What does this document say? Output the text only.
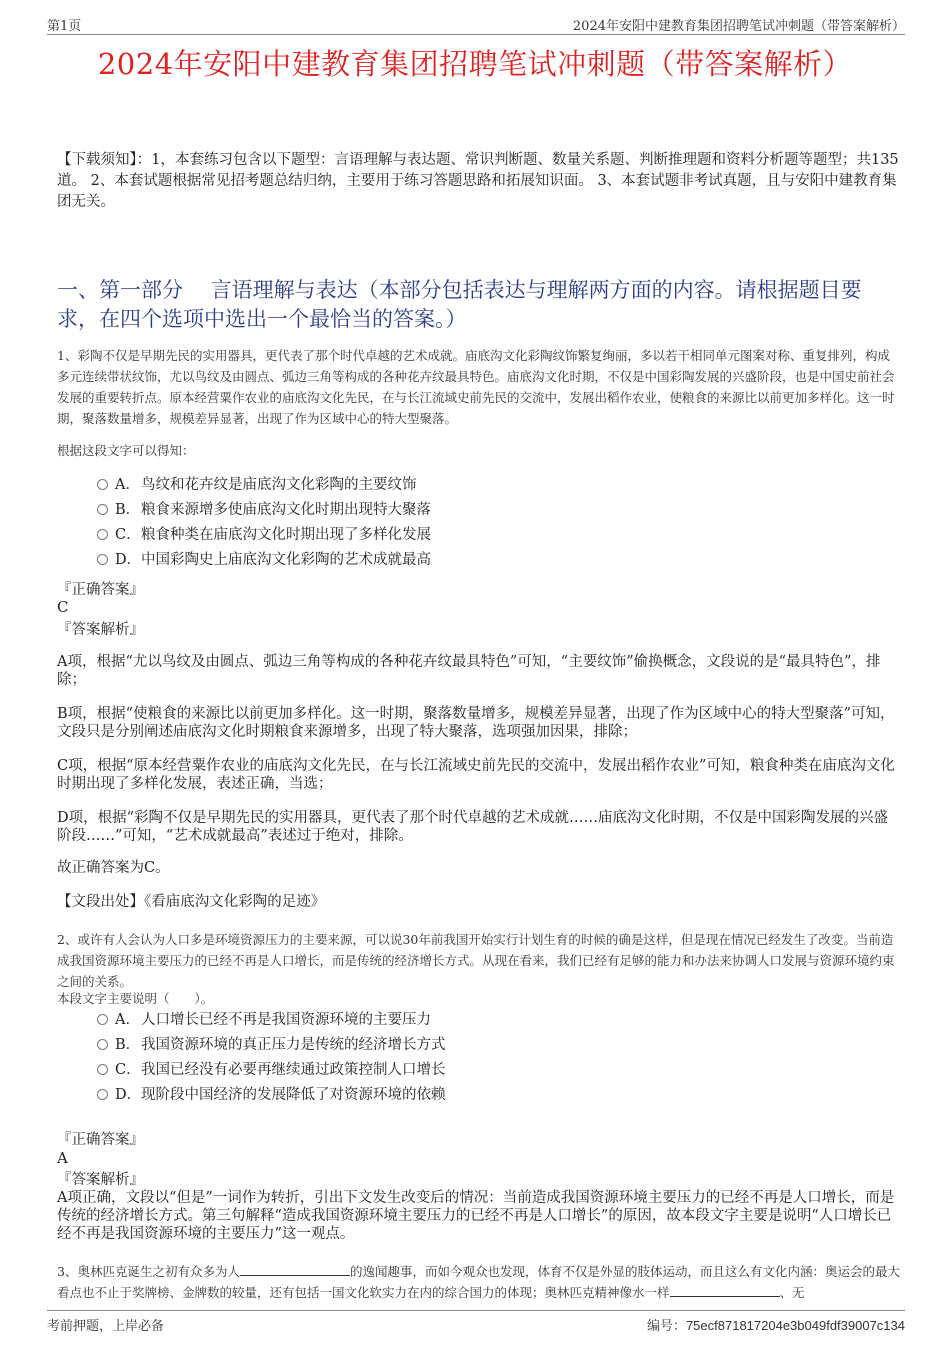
第1页	2024年安阳中建教育集团招聘笔试冲刺题（带答案解析）
2024年安阳中建教育集团招聘笔试冲刺题（带答案解析）
【下载须知】：1，本套练习包含以下题型：言语理解与表达题、常识判断题、数量关系题、判断推理题和资料分析题等题型；共135道。 2、本套试题根据常见招考题总结归纳，主要用于练习答题思路和拓展知识面。 3、本套试题非考试真题，且与安阳中建教育集团无关。
一、第一部分　 言语理解与表达（本部分包括表达与理解两方面的内容。请根据题目要求，在四个选项中选出一个最恰当的答案。）
1、彩陶不仅是早期先民的实用器具，更代表了那个时代卓越的艺术成就。庙底沟文化彩陶纹饰繁复绚丽，多以若干相同单元图案对称、重复排列，构成多元连续带状纹饰，尤以鸟纹及由圆点、弧边三角等构成的各种花卉纹最具特色。庙底沟文化时期，不仅是中国彩陶发展的兴盛阶段，也是中国史前社会发展的重要转折点。原本经营粟作农业的庙底沟文化先民，在与长江流域史前先民的交流中，发展出稻作农业，使粮食的来源比以前更加多样化。这一时期，聚落数量增多，规模差异显著，出现了作为区域中心的特大型聚落。
根据这段文字可以得知：
A．鸟纹和花卉纹是庙底沟文化彩陶的主要纹饰
B．粮食来源增多使庙底沟文化时期出现特大聚落
C．粮食种类在庙底沟文化时期出现了多样化发展
D．中国彩陶史上庙底沟文化彩陶的艺术成就最高
『正确答案』
C
『答案解析』
A项，根据“尤以鸟纹及由圆点、弧边三角等构成的各种花卉纹最具特色”可知，“主要纹饰”偷换概念，文段说的是“最具特色”，排除；
B项，根据“使粮食的来源比以前更加多样化。这一时期，聚落数量增多，规模差异显著，出现了作为区域中心的特大型聚落”可知，文段只是分别阐述庙底沟文化时期粮食来源增多，出现了特大聚落，选项强加因果，排除；
C项，根据“原本经营粟作农业的庙底沟文化先民，在与长江流域史前先民的交流中，发展出稻作农业”可知，粮食种类在庙底沟文化时期出现了多样化发展，表述正确，当选；
D项，根据“彩陶不仅是早期先民的实用器具，更代表了那个时代卓越的艺术成就……庙底沟文化时期，不仅是中国彩陶发展的兴盛阶段……”可知，“艺术成就最高”表述过于绝对，排除。
故正确答案为C。
【文段出处】《看庙底沟文化彩陶的足迹》
2、或许有人会认为人口多是环境资源压力的主要来源，可以说30年前我国开始实行计划生育的时候的确是这样，但是现在情况已经发生了改变。当前造成我国资源环境主要压力的已经不再是人口增长，而是传统的经济增长方式。从现在看来，我们已经有足够的能力和办法来协调人口发展与资源环境约束之间的关系。
本段文字主要说明（　　）。
A．人口增长已经不再是我国资源环境的主要压力
B．我国资源环境的真正压力是传统的经济增长方式
C．我国已经没有必要再继续通过政策控制人口增长
D．现阶段中国经济的发展降低了对资源环境的依赖
『正确答案』
A
『答案解析』
A项正确，文段以“但是”一词作为转折，引出下文发生改变后的情况：当前造成我国资源环境主要压力的已经不再是人口增长，而是传统的经济增长方式。第三句解释“造成我国资源环境主要压力的已经不再是人口增长”的原因，故本段文字主要是说明“人口增长已经不再是我国资源环境的主要压力”这一观点。
3、奥林匹克诞生之初有众多为人	的逸闻趣事，而如今观众也发现，体育不仅是外显的肢体运动，而且这么有文化内涵：奥运会的最大看点也不止于奖牌榜、金牌数的较量，还有包括一国文化软实力在内的综合国力的体现；奥林匹克精神像水一样	、无
考前押题，上岸必备	编号：75ecf871817204e3b049fdf39007c134
